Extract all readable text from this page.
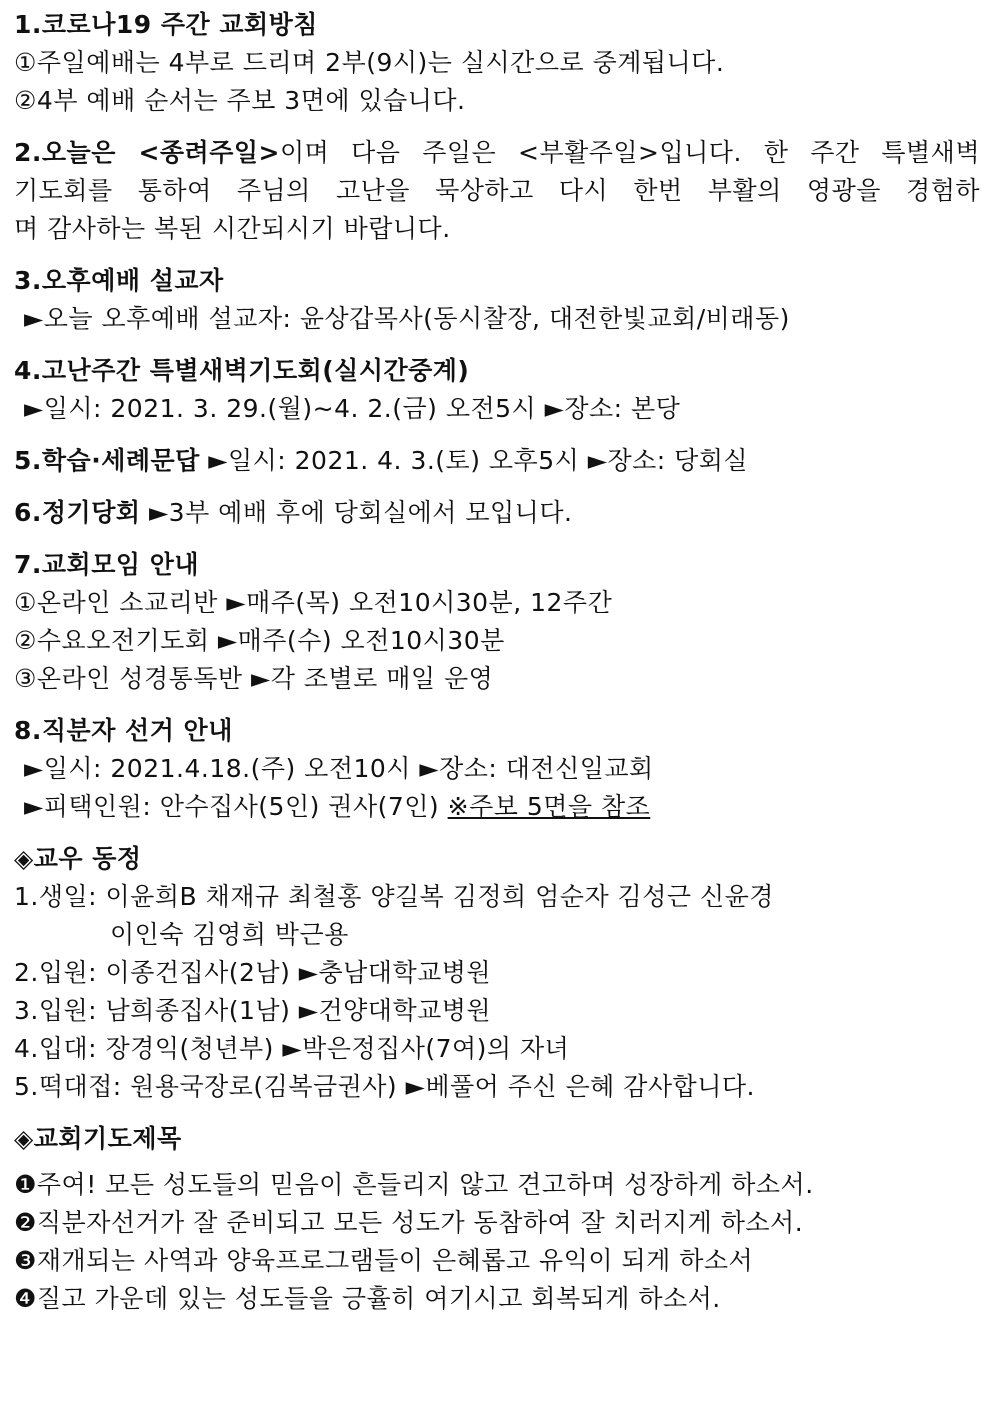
1.코로나19 주간 교회방침
①주일예배는 4부로 드리며 2부(9시)는 실시간으로 중계됩니다.
②4부 예배 순서는 주보 3면에 있습니다.
2.오늘은 <종려주일>이며 다음 주일은 <부활주일>입니다. 한 주간 특별새벽
기도회를 통하여 주님의 고난을 묵상하고 다시 한번 부활의 영광을 경험하
며 감사하는 복된 시간되시기 바랍니다.
3.오후예배 설교자
►오늘 오후예배 설교자: 윤상갑목사(동시찰장, 대전한빛교회/비래동)
4.고난주간 특별새벽기도회(실시간중계)
►일시: 2021. 3. 29.(월)∼4. 2.(금) 오전5시 ►장소: 본당
5.학습·세례문답 ►일시: 2021. 4. 3.(토) 오후5시 ►장소: 당회실
6.정기당회 ►3부 예배 후에 당회실에서 모입니다.
7.교회모임 안내
①온라인 소교리반 ►매주(목) 오전10시30분, 12주간
②수요오전기도회 ►매주(수) 오전10시30분
③온라인 성경통독반 ►각 조별로 매일 운영
8.직분자 선거 안내
►일시: 2021.4.18.(주) 오전10시 ►장소: 대전신일교회
►피택인원: 안수집사(5인) 권사(7인) ※주보 5면을 참조
◈교우 동정
1.생일: 이윤희B 채재규 최철홍 양길복 김정희 엄순자 김성근 신윤경
이인숙 김영희 박근용
2.입원: 이종건집사(2남) ►충남대학교병원
3.입원: 남희종집사(1남) ►건양대학교병원
4.입대: 장경익(청년부) ►박은정집사(7여)의 자녀
5.떡대접: 원용국장로(김복금권사) ►베풀어 주신 은혜 감사합니다.
◈교회기도제목
❶주여! 모든 성도들의 믿음이 흔들리지 않고 견고하며 성장하게 하소서.
❷직분자선거가 잘 준비되고 모든 성도가 동참하여 잘 치러지게 하소서.
❸재개되는 사역과 양육프로그램들이 은혜롭고 유익이 되게 하소서
❹질고 가운데 있는 성도들을 긍휼히 여기시고 회복되게 하소서.
